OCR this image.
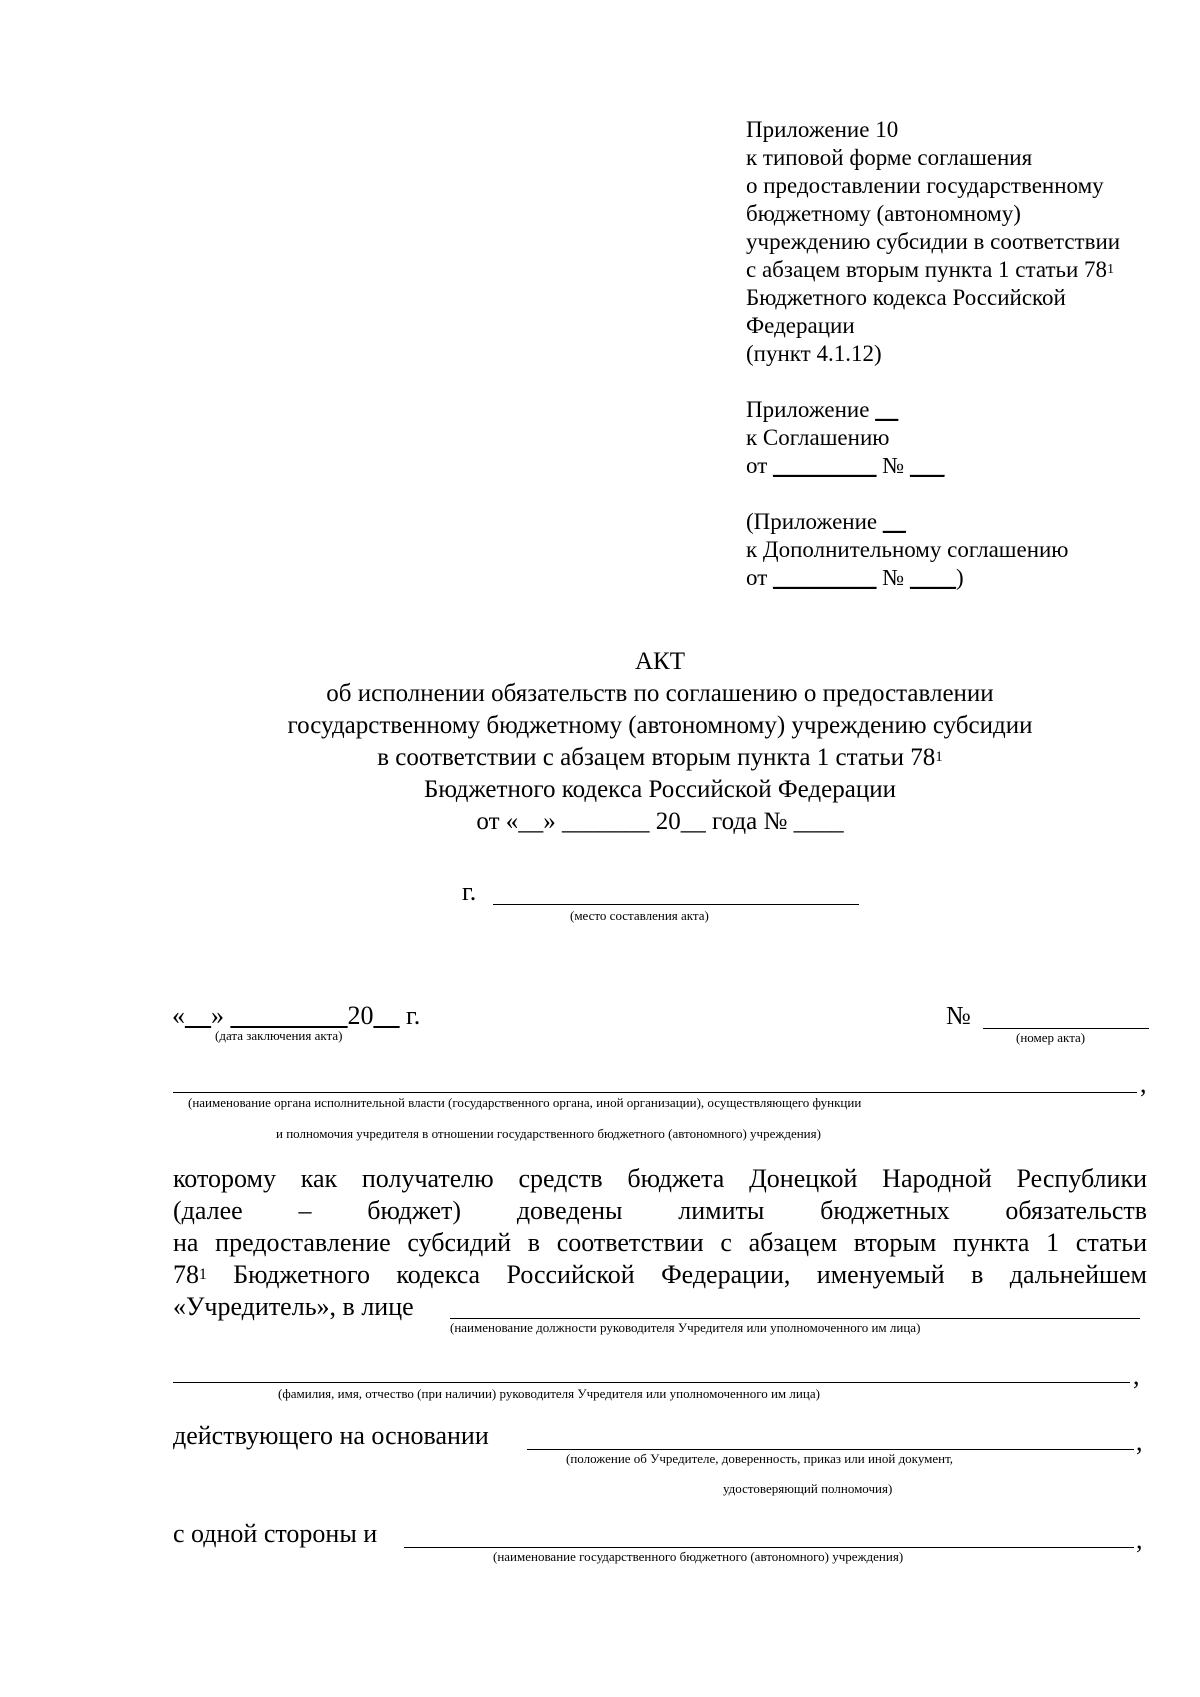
Приложение 10
к типовой форме соглашения
о предоставлении государственному
бюджетному (автономному)
учреждению субсидии в соответствии
с абзацем вторым пункта 1 статьи $78^1$
Бюджетного кодекса Российской
Федерации
(пункт 4.1.12)
Приложение __
к Соглашению
от _________ № ___
(Приложение __
к Дополнительному соглашению
от _________ № ____)
АКТ
об исполнении обязательств по соглашению о предоставлении
государственному бюджетному (автономному) учреждению субсидии
в соответствии с абзацем вторым пункта 1 статьи $78^1$
Бюджетного кодекса Российской Федерации
от «__» _______ 20__ года № ____
г.
(место составления акта)
«__» _________20__ г.
(дата заключения акта)
№
(номер акта)
,
(наименование органа исполнительной власти (государственного органа, иной организации), осуществляющего функции
и полномочия учредителя в отношении государственного бюджетного (автономного) учреждения)
которому как получателю средств бюджета Донецкой Народной Республики
(далее – бюджет) доведены лимиты бюджетных обязательств
на предоставление субсидий в соответствии с абзацем вторым пункта 1 статьи
$78^1$ Бюджетного кодекса Российской Федерации, именуемый в дальнейшем
«Учредитель», в лице
(наименование должности руководителя Учредителя или уполномоченного им лица)
,
(фамилия, имя, отчество (при наличии) руководителя Учредителя или уполномоченного им лица)
действующего на основании	,
(положение об Учредителе, доверенность, приказ или иной документ,
удостоверяющий полномочия)
с одной стороны и	,
(наименование государственного бюджетного (автономного) учреждения)
